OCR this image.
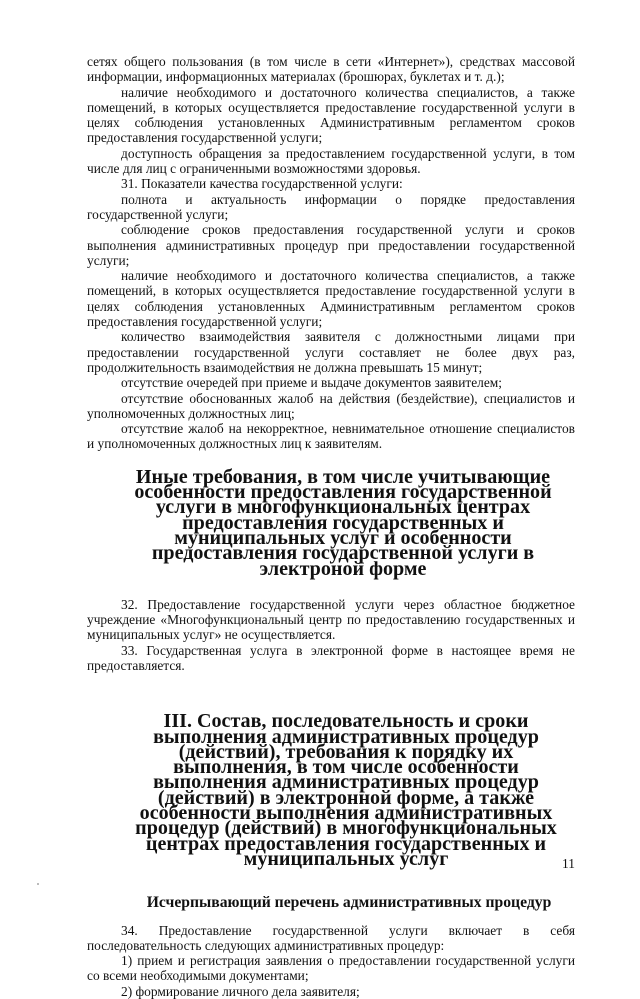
сетях общего пользования (в том числе в сети «Интернет»), средствах массовой информации, информационных материалах (брошюрах, буклетах и т. д.);

наличие необходимого и достаточного количества специалистов, а также помещений, в которых осуществляется предоставление государственной услуги в целях соблюдения установленных Административным регламентом сроков предоставления государственной услуги;

доступность обращения за предоставлением государственной услуги, в том числе для лиц с ограниченными возможностями здоровья.

31. Показатели качества государственной услуги:

полнота и актуальность информации о порядке предоставления государственной услуги;

соблюдение сроков предоставления государственной услуги и сроков выполнения административных процедур при предоставлении государственной услуги;

наличие необходимого и достаточного количества специалистов, а также помещений, в которых осуществляется предоставление государственной услуги в целях соблюдения установленных Административным регламентом сроков предоставления государственной услуги;

количество взаимодействия заявителя с должностными лицами при предоставлении государственной услуги составляет не более двух раз, продолжительность взаимодействия не должна превышать 15 минут;

отсутствие очередей при приеме и выдаче документов заявителем;

отсутствие обоснованных жалоб на действия (бездействие), специалистов и уполномоченных должностных лиц;

отсутствие жалоб на некорректное, невнимательное отношение специалистов и уполномоченных должностных лиц к заявителям.

Иные требования, в том числе учитывающие особенности предоставления государственной услуги в многофункциональных центрах предоставления государственных и муниципальных услуг и особенности предоставления государственной услуги в электроной форме

32. Предоставление государственной услуги через областное бюджетное учреждение «Многофункциональный центр по предоставлению государственных и муниципальных услуг» не осуществляется.

33. Государственная услуга в электронной форме в настоящее время не предоставляется.

III. Состав, последовательность и сроки выполнения административных процедур (действий), требования к порядку их выполнения, в том числе особенности выполнения административных процедур (действий) в электронной форме, а также особенности выполнения административных процедур (действий) в многофункциональных центрах предоставления государственных и муниципальных услуг
Исчерпывающий перечень административных процедур

34. Предоставление государственной услуги включает в себя последовательность следующих административных процедур:

1) прием и регистрация заявления о предоставлении государственной услуги со всеми необходимыми документами;

2) формирование личного дела заявителя;

11
